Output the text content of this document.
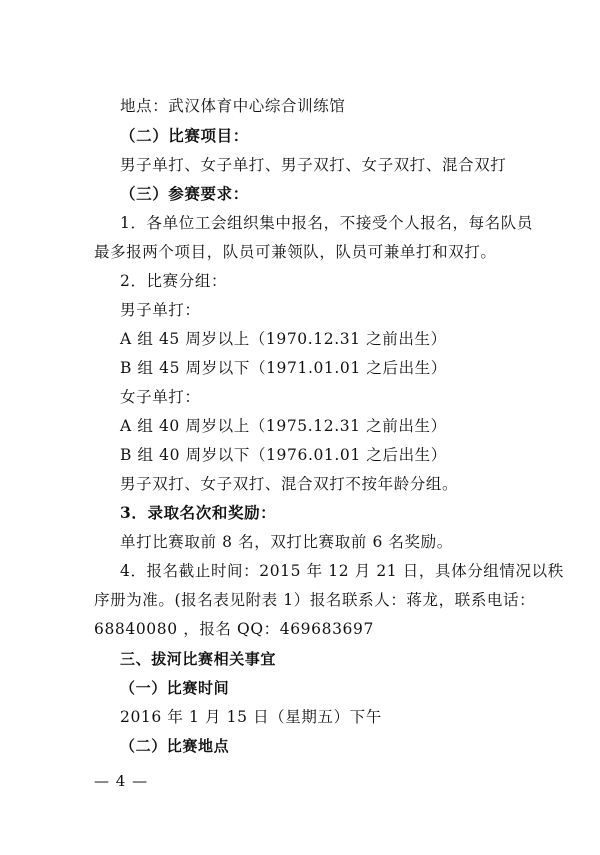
地点：武汉体育中心综合训练馆
（二）比赛项目：
男子单打、女子单打、男子双打、女子双打、混合双打
（三）参赛要求：
1．各单位工会组织集中报名，不接受个人报名，每名队员
最多报两个项目，队员可兼领队，队员可兼单打和双打。
2．比赛分组：
男子单打：
A 组 45 周岁以上（1970.12.31 之前出生）
B 组 45 周岁以下（1971.01.01 之后出生）
女子单打：
A 组 40 周岁以上（1975.12.31 之前出生）
B 组 40 周岁以下（1976.01.01 之后出生）
男子双打、女子双打、混合双打不按年龄分组。
3．录取名次和奖励：
单打比赛取前 8 名，双打比赛取前 6 名奖励。
4．报名截止时间：2015 年 12 月 21 日，具体分组情况以秩
序册为准。(报名表见附表 1）报名联系人：蒋龙，联系电话：
68840080 ，报名 QQ：469683697
三、拔河比赛相关事宜
（一）比赛时间
2016 年 1 月 15 日（星期五）下午
（二）比赛地点
— 4 —
